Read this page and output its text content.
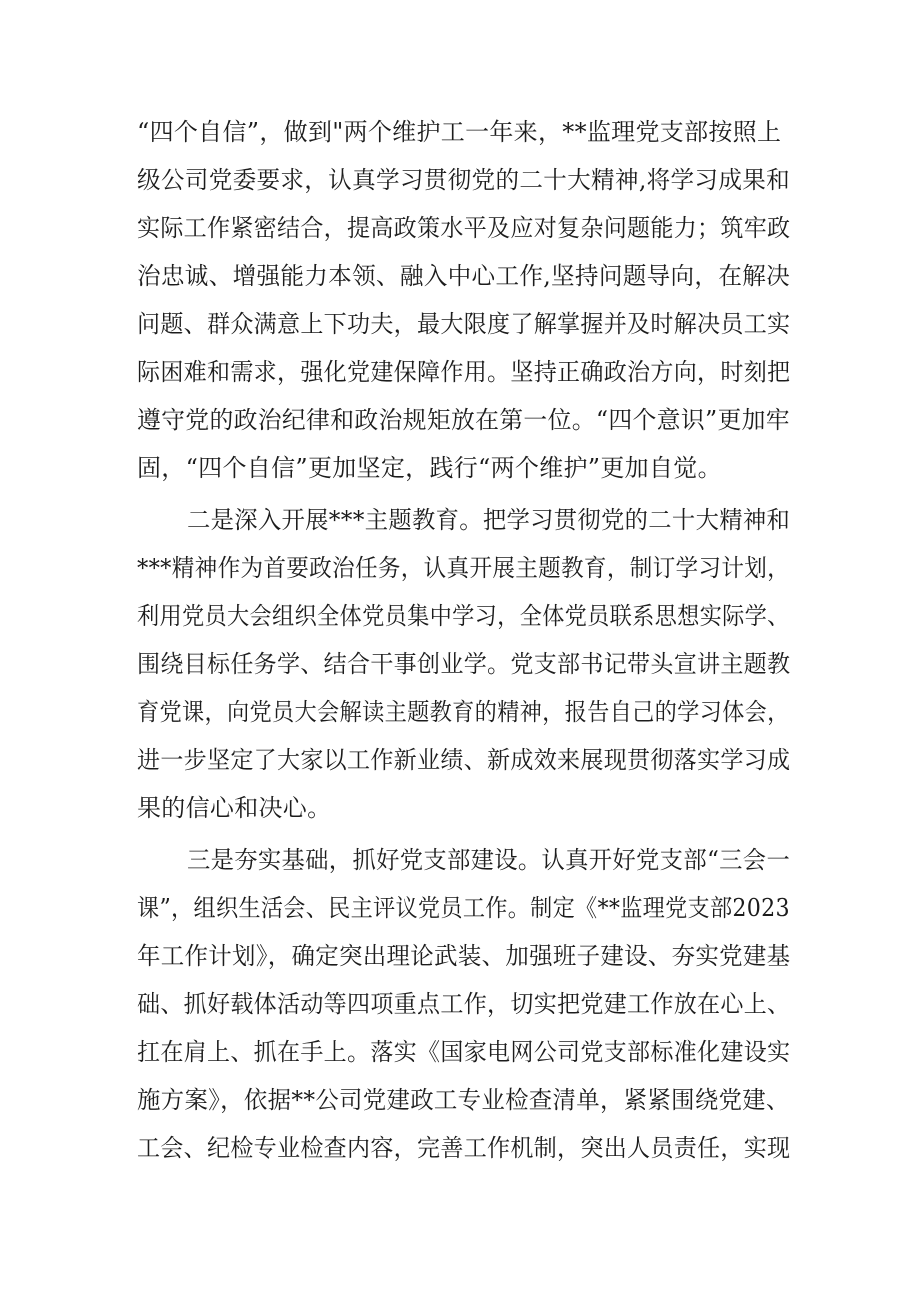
“四个自信”，做到"两个维护工一年来，**监理党支部按照上

级公司党委要求，认真学习贯彻党的二十大精神,将学习成果和

实际工作紧密结合，提高政策水平及应对复杂问题能力；筑牢政

治忠诚、增强能力本领、融入中心工作,坚持问题导向，在解决

问题、群众满意上下功夫，最大限度了解掌握并及时解决员工实

际困难和需求，强化党建保障作用。坚持正确政治方向，时刻把

遵守党的政治纪律和政治规矩放在第一位。“四个意识”更加牢

固，“四个自信”更加坚定，践行“两个维护”更加自觉。

二是深入开展***主题教育。把学习贯彻党的二十大精神和

***精神作为首要政治任务，认真开展主题教育，制订学习计划，

利用党员大会组织全体党员集中学习，全体党员联系思想实际学、

围绕目标任务学、结合干事创业学。党支部书记带头宣讲主题教

育党课，向党员大会解读主题教育的精神，报告自己的学习体会，

进一步坚定了大家以工作新业绩、新成效来展现贯彻落实学习成

果的信心和决心。

三是夯实基础，抓好党支部建设。认真开好党支部“三会一

课”，组织生活会、民主评议党员工作。制定《**监理党支部2023

年工作计划》，确定突出理论武装、加强班子建设、夯实党建基

础、抓好载体活动等四项重点工作，切实把党建工作放在心上、

扛在肩上、抓在手上。落实《国家电网公司党支部标准化建设实

施方案》，依据**公司党建政工专业检查清单，紧紧围绕党建、

工会、纪检专业检查内容，完善工作机制，突出人员责任，实现
